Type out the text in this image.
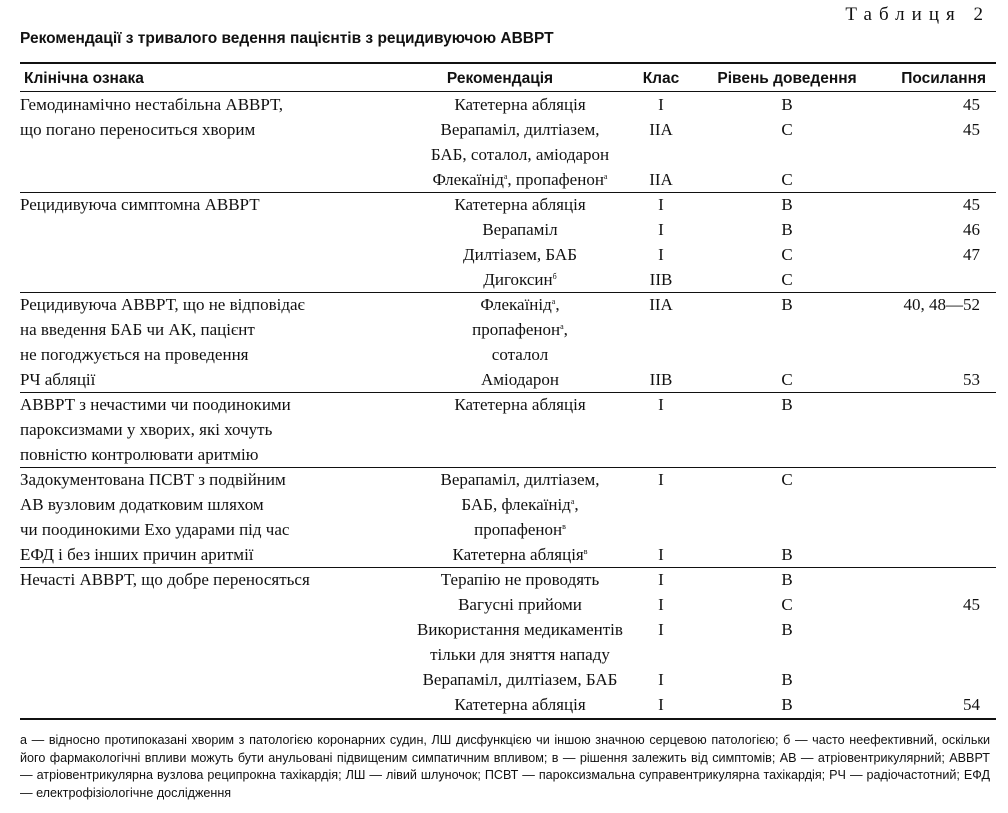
Таблиця 2
Рекомендації з тривалого ведення пацієнтів з рецидивуючою АВВРТ
Клінічна ознака	Рекомендація	Клас	Рівень доведення	Посилання
Гемодинамічно нестабільна АВВРТ,
що погано переноситься хворим
Катетерна абляція	I	B	45
Верапаміл, дилтіазем,	IIA	C	45
БАБ, соталол, аміодарон
Флекаїнід$^а$, пропафенон$^а$	IIA	C
Рецидивуюча симптомна АВВРТ	Катетерна абляція	I	B	45
Верапаміл	I	B	46
Дилтіазем, БАБ	I	C	47
Дигоксин$^б$	IIB	C
Рецидивуюча АВВРТ, що не відповідає
на введення БАБ чи АК, пацієнт
не погоджується на проведення
РЧ абляції
Флекаїнід$^а$,	IIA	B	40, 48—52
пропафенон$^а$,
соталол
Аміодарон	IIB	C	53
АВВРТ з нечастими чи поодинокими
пароксизмами у хворих, які хочуть
повністю контролювати аритмію
Катетерна абляція	I	B
Задокументована ПСВТ з подвійним
АВ вузловим додатковим шляхом
чи поодинокими Ехо ударами під час
ЕФД і без інших причин аритмії
Верапаміл, дилтіазем,	I	C
БАБ, флекаїнід$^а$,
пропафенон$^в$
Катетерна абляція$^в$	I	B
Нечасті АВВРТ, що добре переносяться	Терапію не проводять	I	B
Вагусні прийоми	I	C	45
Використання медикаментів	I	B
тільки для зняття нападу
Верапаміл, дилтіазем, БАБ	I	B
Катетерна абляція	I	B	54
а — відносно протипоказані хворим з патологією коронарних судин, ЛШ дисфункцією чи іншою значною серцевою патологією; б — часто неефективний, оскільки його фармакологічні впливи можуть бути анульовані підвищеним симпатичним впливом; в — рішення залежить від симптомів; АВ — атріовентрикулярний; АВВРТ — атріовентрикулярна вузлова реципрокна тахікардія; ЛШ — лівий шлуночок; ПСВТ — пароксизмальна суправентрикулярна тахікардія; РЧ — радіочастотний; ЕФД — електрофізіологічне дослідження
